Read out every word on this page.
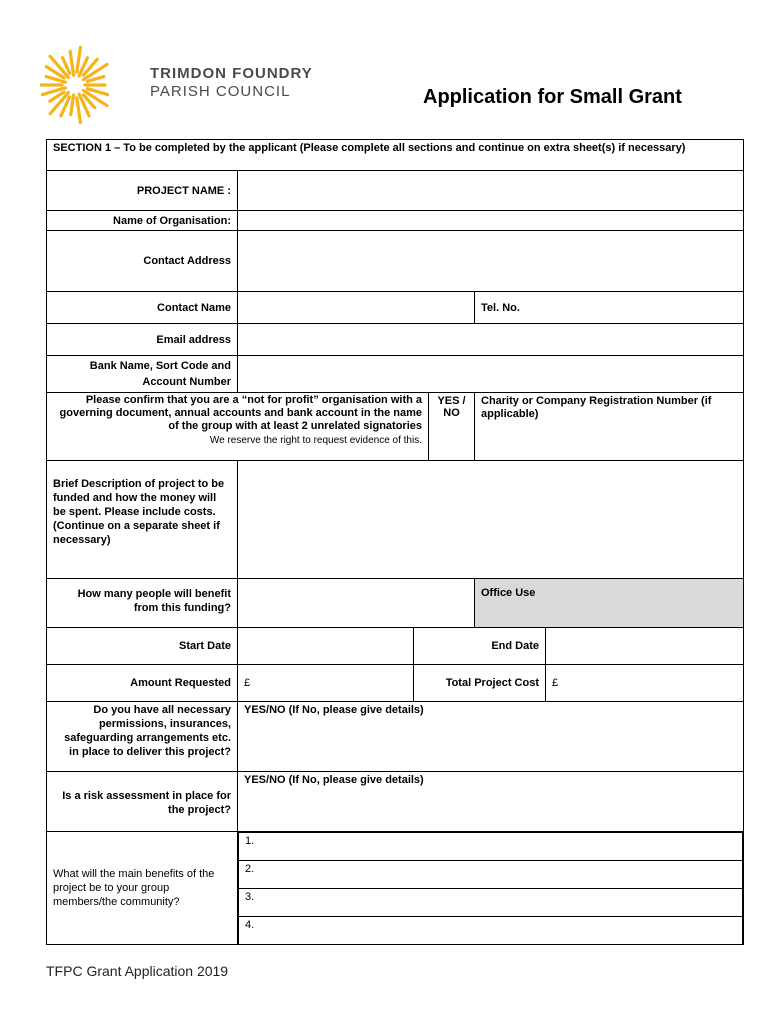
TRIMDON FOUNDRY
PARISH COUNCIL	Application for Small Grant
SECTION 1 – To be completed by the applicant (Please complete all sections and continue on extra sheet(s) if necessary)
PROJECT NAME :	
Name of Organisation:	
Contact Address	
Contact Name		Tel. No.
Email address	
Bank Name, Sort Code and Account Number	

Please confirm that you are a “not for profit” organisation with a governing document, annual accounts and bank account in the name of the group with at least 2 unrelated signatories
We reserve the right to request evidence of this.
	YES / NO	Charity or Company Registration Number (if applicable)
Brief Description of project to be funded and how the money will be spent. Please include costs. (Continue on a separate sheet if necessary)	
How many people will benefit from this funding?		Office Use
Start Date		End Date	
Amount Requested	£	Total Project Cost	£
Do you have all necessary permissions, insurances, safeguarding arrangements etc. in place to deliver this project?	YES/NO (If No, please give details)
Is a risk assessment in place for the project?	YES/NO (If No, please give details)
What will the main benefits of the project be to your group members/the community?	
1.
2.
3.
4.
TFPC Grant Application 2019
